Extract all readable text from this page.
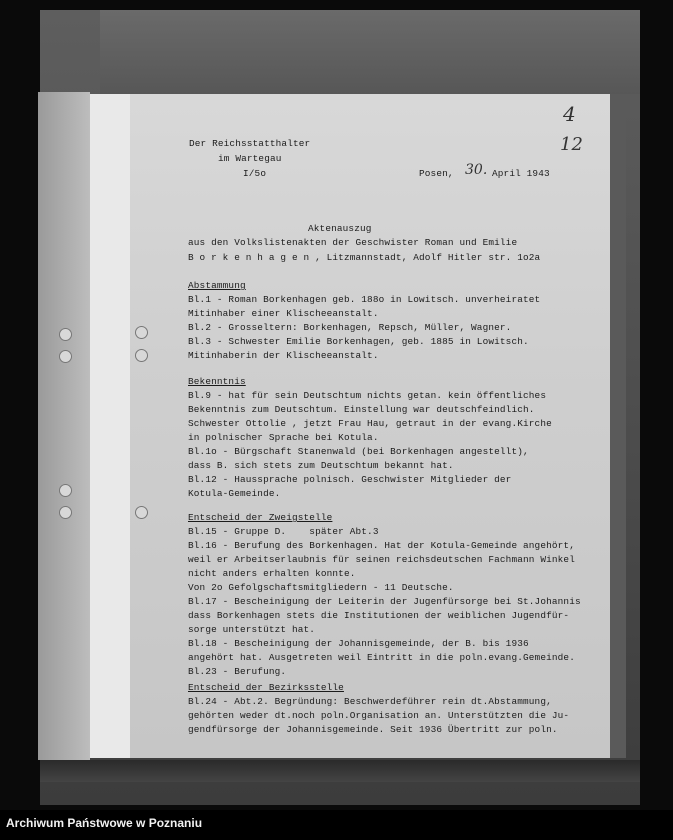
Der Reichsstatthalter
im Wartegau
I/5o	Posen, 30. April 1943
4
12
Aktenauszug
aus den Volkslistenakten der Geschwister Roman und Emilie
B o r k e n h a g e n , Litzmannstadt, Adolf Hitler str. 1o2a
Abstammung
Bl.1 - Roman Borkenhagen geb. 188o in Lowitsch. unverheiratet
Mitinhaber einer Klischeeanstalt.
Bl.2 - Grosseltern: Borkenhagen, Repsch, Müller, Wagner.
Bl.3 - Schwester Emilie Borkenhagen, geb. 1885 in Lowitsch.
Mitinhaberin der Klischeeanstalt.
Bekenntnis
Bl.9 - hat für sein Deutschtum nichts getan. kein öffentliches
Bekenntnis zum Deutschtum. Einstellung war deutschfeindlich.
Schwester Ottolie , jetzt Frau Hau, getraut in der evang.Kirche
in polnischer Sprache bei Kotula.
Bl.1o - Bürgschaft Stanenwald (bei Borkenhagen angestellt),
dass B. sich stets zum Deutschtum bekannt hat.
Bl.12 - Haussprache polnisch. Geschwister Mitglieder der
Kotula-Gemeinde.
Entscheid der Zweigstelle
Bl.15 - Gruppe D.    später Abt.3
Bl.16 - Berufung des Borkenhagen. Hat der Kotula-Gemeinde angehört,
weil er Arbeitserlaubnis für seinen reichsdeutschen Fachmann Winkel
nicht anders erhalten konnte.
Von 2o Gefolgschaftsmitgliedern - 11 Deutsche.
Bl.17 - Bescheinigung der Leiterin der Jugenfürsorge bei St.Johannis
dass Borkenhagen stets die Institutionen der weiblichen Jugendfür-
sorge unterstützt hat.
Bl.18 - Bescheinigung der Johannisgemeinde, der B. bis 1936
angehört hat. Ausgetreten weil Eintritt in die poln.evang.Gemeinde.
Bl.23 - Berufung.
Entscheid der Bezirksstelle
Bl.24 - Abt.2. Begründung: Beschwerdeführer rein dt.Abstammung,
gehörten weder dt.noch poln.Organisation an. Unterstützten die Ju-
gendfürsorge der Johannisgemeinde. Seit 1936 Übertritt zur poln.
Archiwum Państwowe w Poznaniu
